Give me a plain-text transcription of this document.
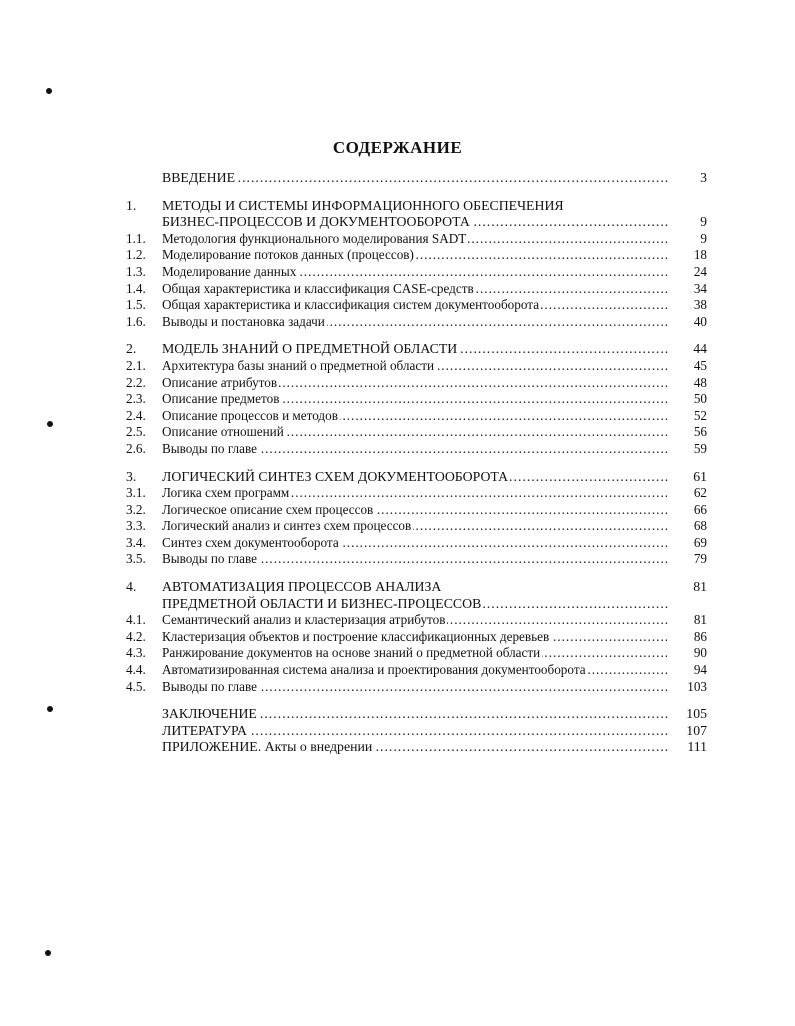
СОДЕРЖАНИЕ
ВВЕДЕНИЕ .....	3
1.	МЕТОДЫ И СИСТЕМЫ ИНФОРМАЦИОННОГО ОБЕСПЕЧЕНИЯ
БИЗНЕС-ПРОЦЕССОВ И ДОКУМЕНТООБОРОТА .....	9
1.1.	Методология функционального моделирования SADT .....	9
1.2.	Моделирование потоков данных (процессов) .....	18
1.3.	Моделирование данных .....	24
1.4.	Общая характеристика и классификация CASE-средств .....	34
1.5.	Общая характеристика и классификация систем документооборота .....	38
1.6.	Выводы и постановка задачи .....	40
2.	МОДЕЛЬ ЗНАНИЙ О ПРЕДМЕТНОЙ ОБЛАСТИ .....	44
2.1.	Архитектура базы знаний о предметной области .....	45
2.2.	Описание атрибутов .....	48
2.3.	Описание предметов .....	50
2.4.	Описание процессов и методов .....	52
2.5.	Описание отношений .....	56
2.6.	Выводы по главе .....	59
3.	ЛОГИЧЕСКИЙ СИНТЕЗ СХЕМ ДОКУМЕНТООБОРОТА .....	61
3.1.	Логика схем программ .....	62
3.2.	Логическое описание схем процессов .....	66
3.3.	Логический анализ и синтез схем процессов .....	68
3.4.	Синтез схем документооборота .....	69
3.5.	Выводы по главе .....	79
4.	АВТОМАТИЗАЦИЯ ПРОЦЕССОВ АНАЛИЗА	81
ПРЕДМЕТНОЙ ОБЛАСТИ И БИЗНЕС-ПРОЦЕССОВ .....
4.1.	Семантический анализ и кластеризация атрибутов .....	81
4.2.	Кластеризация объектов и построение классификационных деревьев .....	86
4.3.	Ранжирование документов на основе знаний о предметной области .....	90
4.4.	Автоматизированная система анализа и проектирования документооборота .....	94
4.5.	Выводы по главе .....	103
ЗАКЛЮЧЕНИЕ .....	105
ЛИТЕРАТУРА .....	107
ПРИЛОЖЕНИЕ. Акты о внедрении .....	111
